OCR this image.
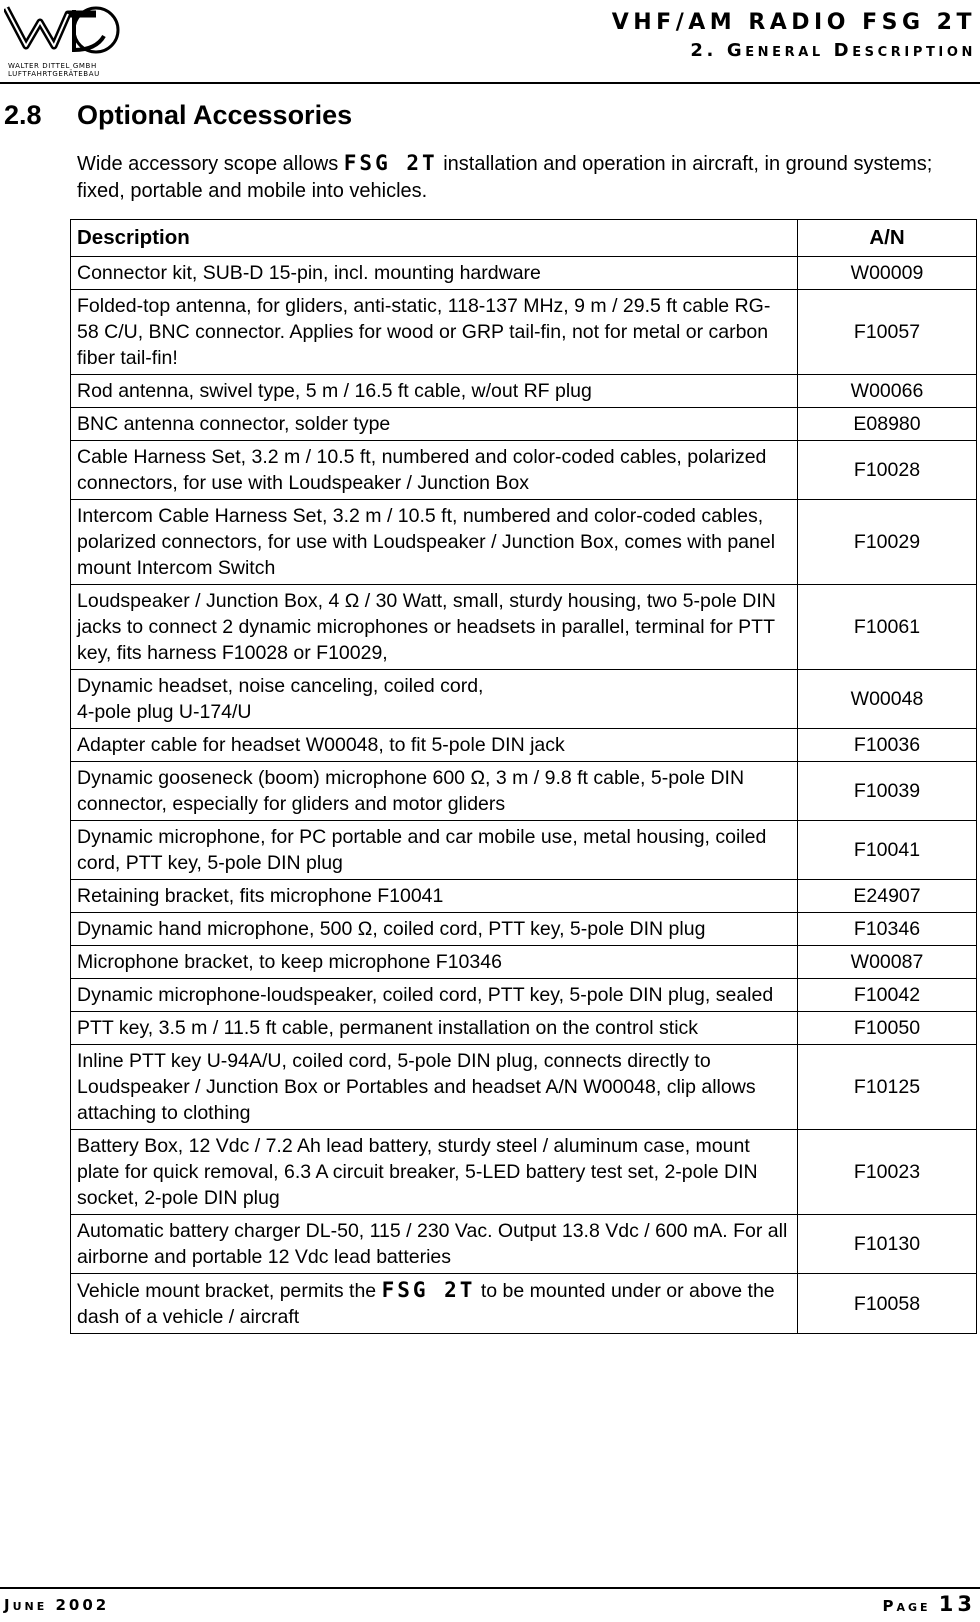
WALTER DITTEL GMBH
LUFTFAHRTGERÄTEBAU
VHF/AM RADIO FSG 2T
2. General Description
2.8 Optional Accessories
Wide accessory scope allows FSG 2T installation and operation in aircraft, in ground systems; fixed, portable and mobile into vehicles.
Description	A/N
Connector kit, SUB-D 15-pin, incl. mounting hardware	W00009
Folded-top antenna, for gliders, anti-static, 118-137 MHz, 9 m / 29.5 ft cable RG-58 C/U, BNC connector. Applies for wood or GRP tail-fin, not for metal or carbon fiber tail-fin!	F10057
Rod antenna, swivel type, 5 m / 16.5 ft cable, w/out RF plug	W00066
BNC antenna connector, solder type	E08980
Cable Harness Set, 3.2 m / 10.5 ft, numbered and color-coded cables, polarized connectors, for use with Loudspeaker / Junction Box	F10028
Intercom Cable Harness Set, 3.2 m / 10.5 ft, numbered and color-coded cables, polarized connectors, for use with Loudspeaker / Junction Box, comes with panel mount Intercom Switch	F10029
Loudspeaker / Junction Box, 4 Ω / 30 Watt, small, sturdy housing, two 5-pole DIN jacks to connect 2 dynamic microphones or headsets in parallel, terminal for PTT key, fits harness F10028 or F10029,	F10061
Dynamic headset, noise canceling, coiled cord,
4-pole plug U-174/U	W00048
Adapter cable for headset W00048, to fit 5-pole DIN jack	F10036
Dynamic gooseneck (boom) microphone 600 Ω, 3 m / 9.8 ft cable, 5-pole DIN connector, especially for gliders and motor gliders	F10039
Dynamic microphone, for PC portable and car mobile use, metal housing, coiled cord, PTT key, 5-pole DIN plug	F10041
Retaining bracket, fits microphone F10041	E24907
Dynamic hand microphone, 500 Ω, coiled cord, PTT key, 5-pole DIN plug	F10346
Microphone bracket, to keep microphone F10346	W00087
Dynamic microphone-loudspeaker, coiled cord, PTT key, 5-pole DIN plug, sealed	F10042
PTT key, 3.5 m / 11.5 ft cable, permanent installation on the control stick	F10050
Inline PTT key U-94A/U, coiled cord, 5-pole DIN plug, connects directly to Loudspeaker / Junction Box or Portables and headset A/N W00048, clip allows attaching to clothing	F10125
Battery Box, 12 Vdc / 7.2 Ah lead battery, sturdy steel / aluminum case, mount plate for quick removal, 6.3 A circuit breaker, 5-LED battery test set, 2-pole DIN socket, 2-pole DIN plug	F10023
Automatic battery charger DL-50, 115 / 230 Vac. Output 13.8 Vdc / 600 mA. For all airborne and portable 12 Vdc lead batteries	F10130
Vehicle mount bracket, permits the FSG 2T to be mounted under or above the dash of a vehicle / aircraft	F10058
June 2002	Page 13
